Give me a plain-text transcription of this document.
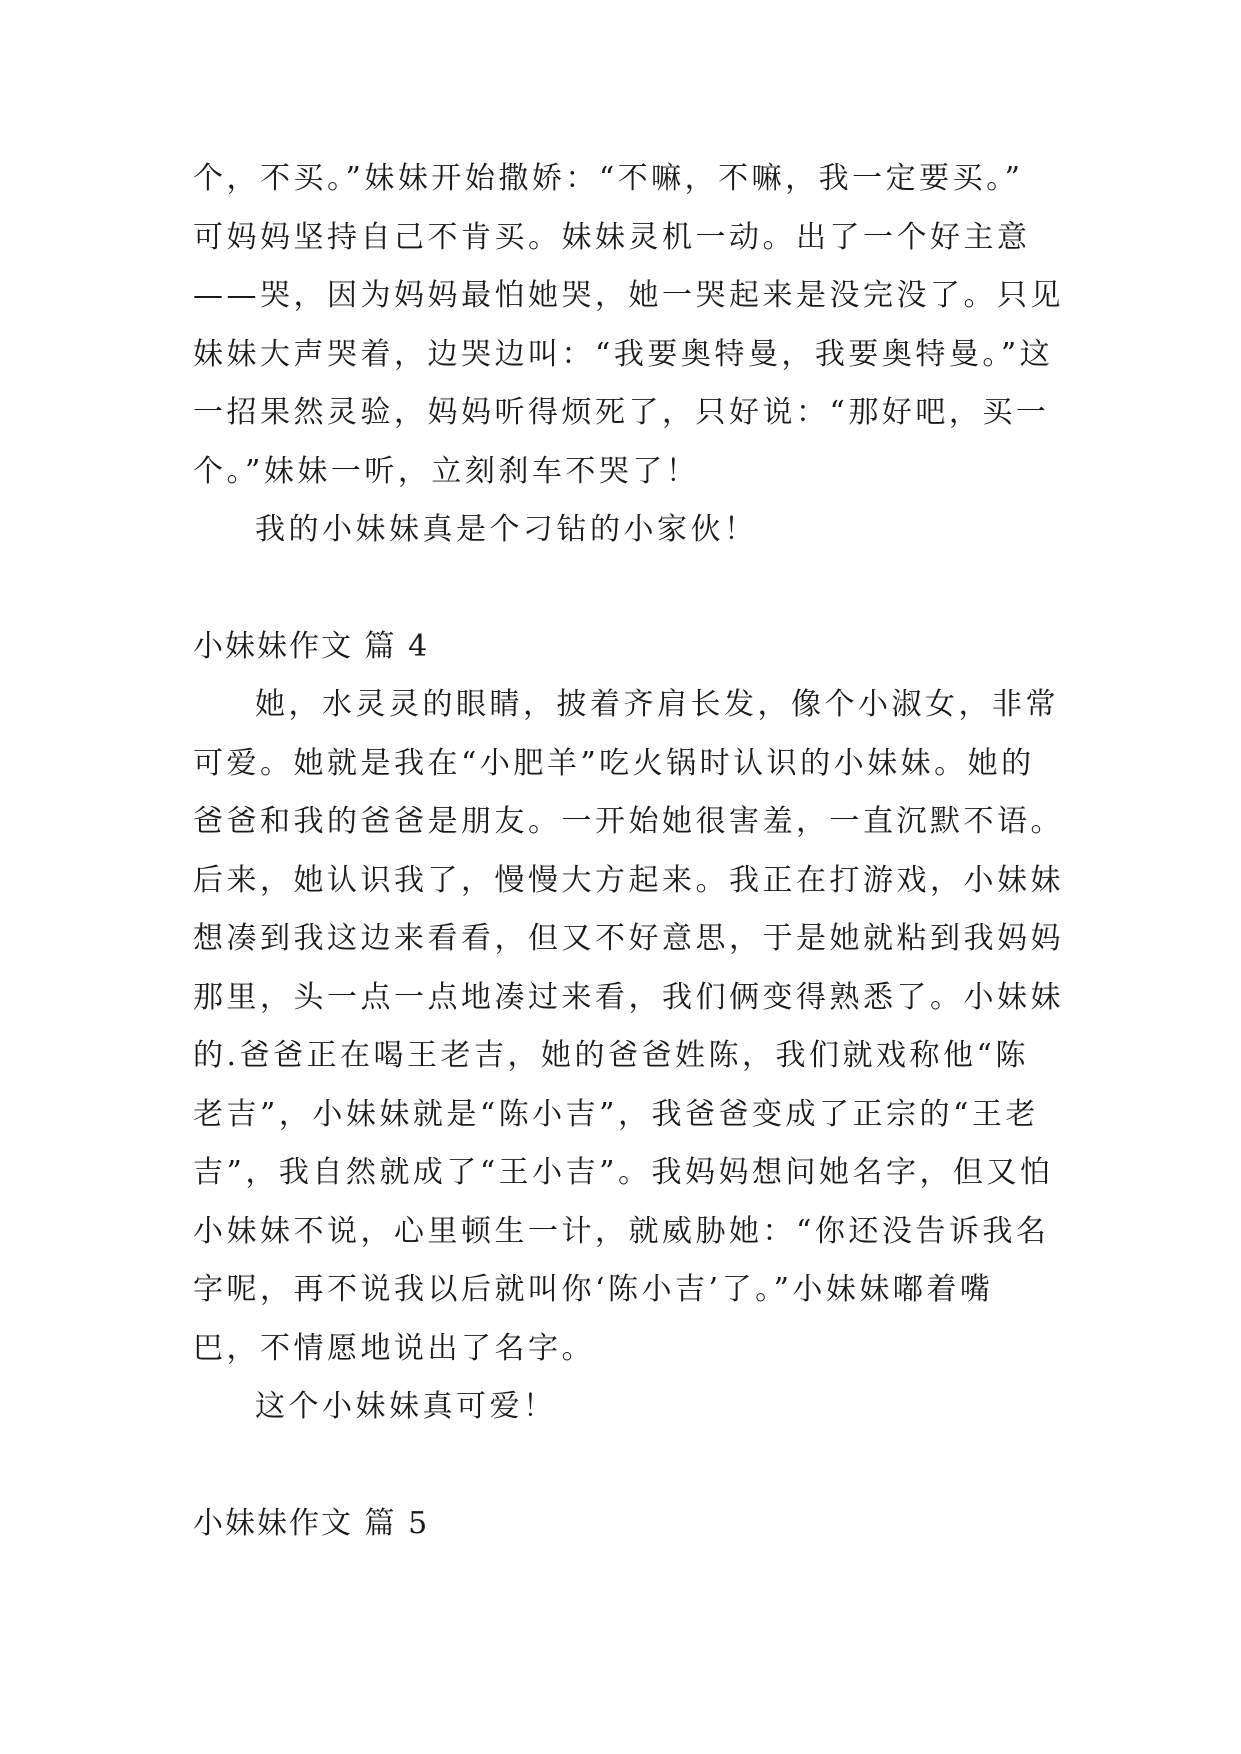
个，不买。”妹妹开始撒娇：“不嘛，不嘛，我一定要买。”
可妈妈坚持自己不肯买。妹妹灵机一动。出了一个好主意
——哭，因为妈妈最怕她哭，她一哭起来是没完没了。只见
妹妹大声哭着，边哭边叫：“我要奥特曼，我要奥特曼。”这
一招果然灵验，妈妈听得烦死了，只好说：“那好吧，买一
个。”妹妹一听，立刻刹车不哭了！
我的小妹妹真是个刁钻的小家伙！
小妹妹作文 篇 4
她，水灵灵的眼睛，披着齐肩长发，像个小淑女，非常
可爱。她就是我在“小肥羊”吃火锅时认识的小妹妹。她的
爸爸和我的爸爸是朋友。一开始她很害羞，一直沉默不语。
后来，她认识我了，慢慢大方起来。我正在打游戏，小妹妹
想凑到我这边来看看，但又不好意思，于是她就粘到我妈妈
那里，头一点一点地凑过来看，我们俩变得熟悉了。小妹妹
的.爸爸正在喝王老吉，她的爸爸姓陈，我们就戏称他“陈
老吉”，小妹妹就是“陈小吉”，我爸爸变成了正宗的“王老
吉”，我自然就成了“王小吉”。我妈妈想问她名字，但又怕
小妹妹不说，心里顿生一计，就威胁她：“你还没告诉我名
字呢，再不说我以后就叫你‘陈小吉’了。”小妹妹嘟着嘴
巴，不情愿地说出了名字。
这个小妹妹真可爱！
小妹妹作文 篇 5
